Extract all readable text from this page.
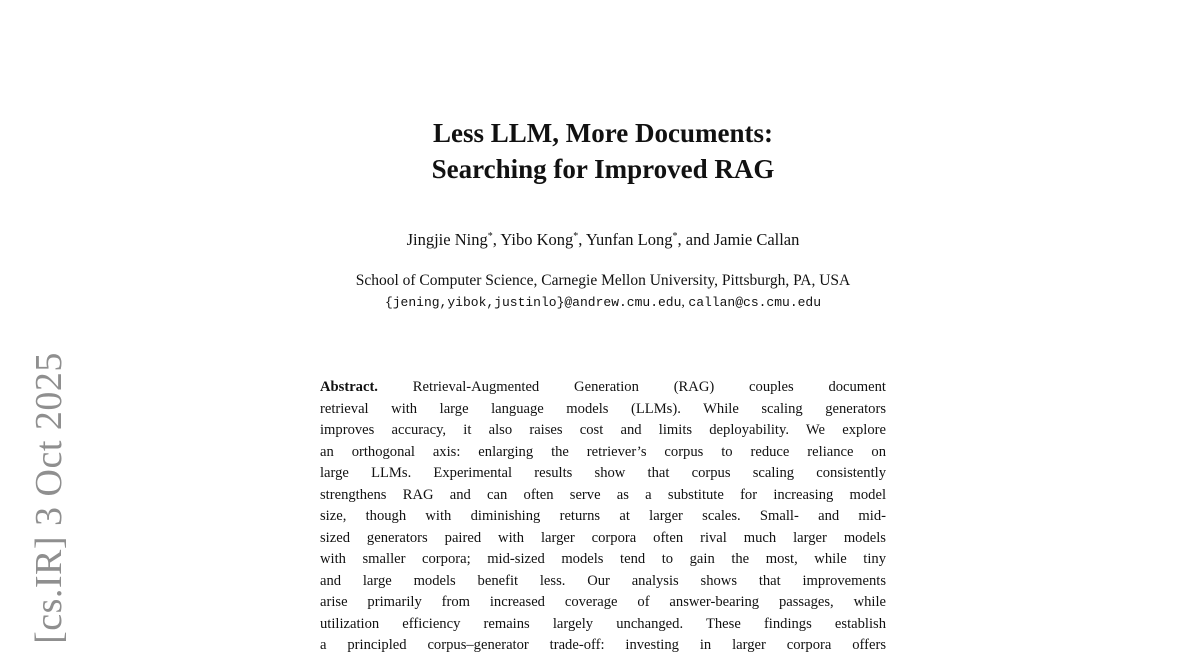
[cs.IR] 3 Oct 2025
Less LLM, More Documents:
Searching for Improved RAG
Jingjie Ning*, Yibo Kong*, Yunfan Long*, and Jamie Callan
School of Computer Science, Carnegie Mellon University, Pittsburgh, PA, USA
{jening,yibok,justinlo}@andrew.cmu.edu, callan@cs.cmu.edu
Abstract. Retrieval-Augmented Generation (RAG) couples document
retrieval with large language models (LLMs). While scaling generators
improves accuracy, it also raises cost and limits deployability. We explore
an orthogonal axis: enlarging the retriever’s corpus to reduce reliance on
large LLMs. Experimental results show that corpus scaling consistently
strengthens RAG and can often serve as a substitute for increasing model
size, though with diminishing returns at larger scales. Small- and mid-
sized generators paired with larger corpora often rival much larger models
with smaller corpora; mid-sized models tend to gain the most, while tiny
and large models benefit less. Our analysis shows that improvements
arise primarily from increased coverage of answer-bearing passages, while
utilization efficiency remains largely unchanged. These findings establish
a principled corpus–generator trade-off: investing in larger corpora offers
